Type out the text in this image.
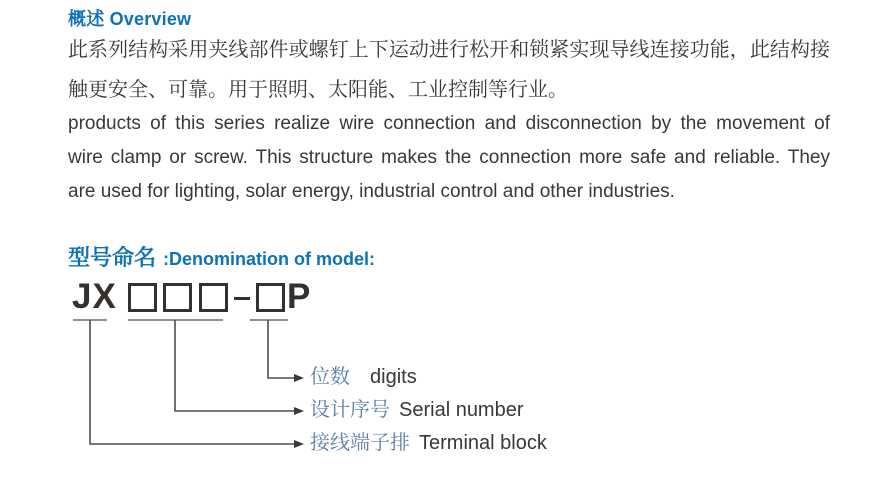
概述 Overview
此系列结构采用夹线部件或螺钉上下运动进行松开和锁紧实现导线连接功能，此结构接
触更安全、可靠。用于照明、太阳能、工业控制等行业。
products of this series realize wire connection and disconnection by the movement of
wire clamp or screw. This structure makes the connection more safe and reliable. They
are used for lighting, solar energy, industrial control and other industries.
型号命名 :Denomination of model:
JX	P
位数 digits
设计序号 Serial number
接线端子排 Terminal block
